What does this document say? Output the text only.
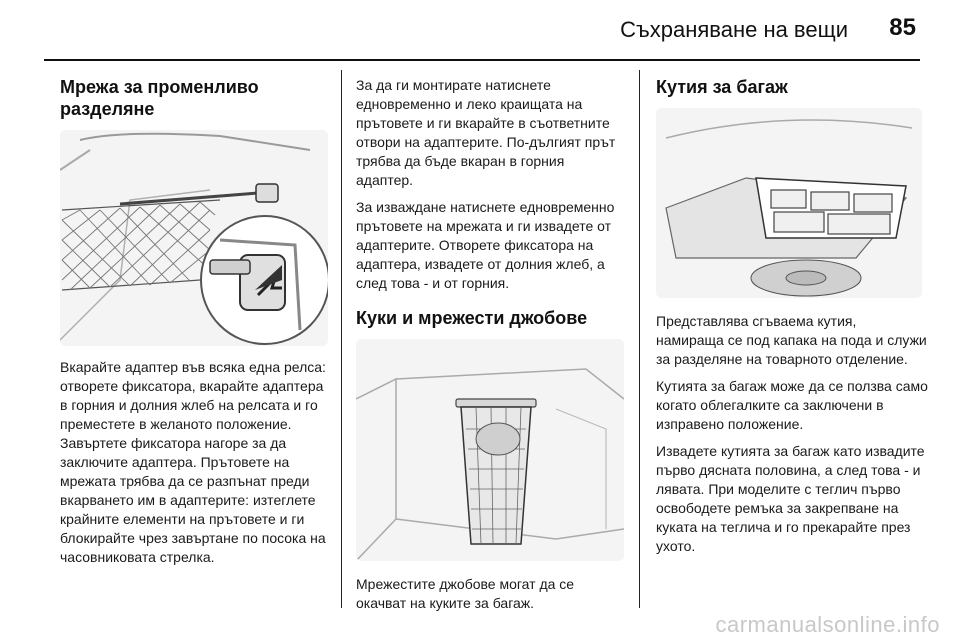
Съхраняване на вещи 85
Мрежа за променливо
разделяне

Вкарайте адаптер във всяка една релса: отворете фиксатора, вкарайте адаптера в горния и долния жлеб на релсата и го преместете в желаното положение. Завъртете фиксатора нагоре за да заключите адаптера. Прътовете на мрежата трябва да се разпънат преди вкарването им в адаптерите: изтеглете крайните елементи на прътовете и ги блокирайте чрез завъртане по посока на часовниковата стрелка.

За да ги монтирате натиснете едновременно и леко краищата на прътовете и ги вкарайте в съответните отвори на адаптерите. По-дългият прът трябва да бъде вкаран в горния адаптер.

За изваждане натиснете едновременно прътовете на мрежата и ги извадете от адаптерите. Отворете фиксатора на адаптера, извадете от долния жлеб, а след това - и от горния.

Куки и мрежести джобове

Мрежестите джобове могат да се окачват на куките за багаж.

Кутия за багаж

Представлява сгъваема кутия, намираща се под капака на пода и служи за разделяне на товарното отделение.

Кутията за багаж може да се ползва само когато облегалките са заключени в изправено положение.

Извадете кутията за багаж като извадите първо дясната половина, а след това - и лявата. При моделите с теглич първо освободете ремъка за закрепване на куката на теглича и го прекарайте през ухото.

carmanualsonline.info
